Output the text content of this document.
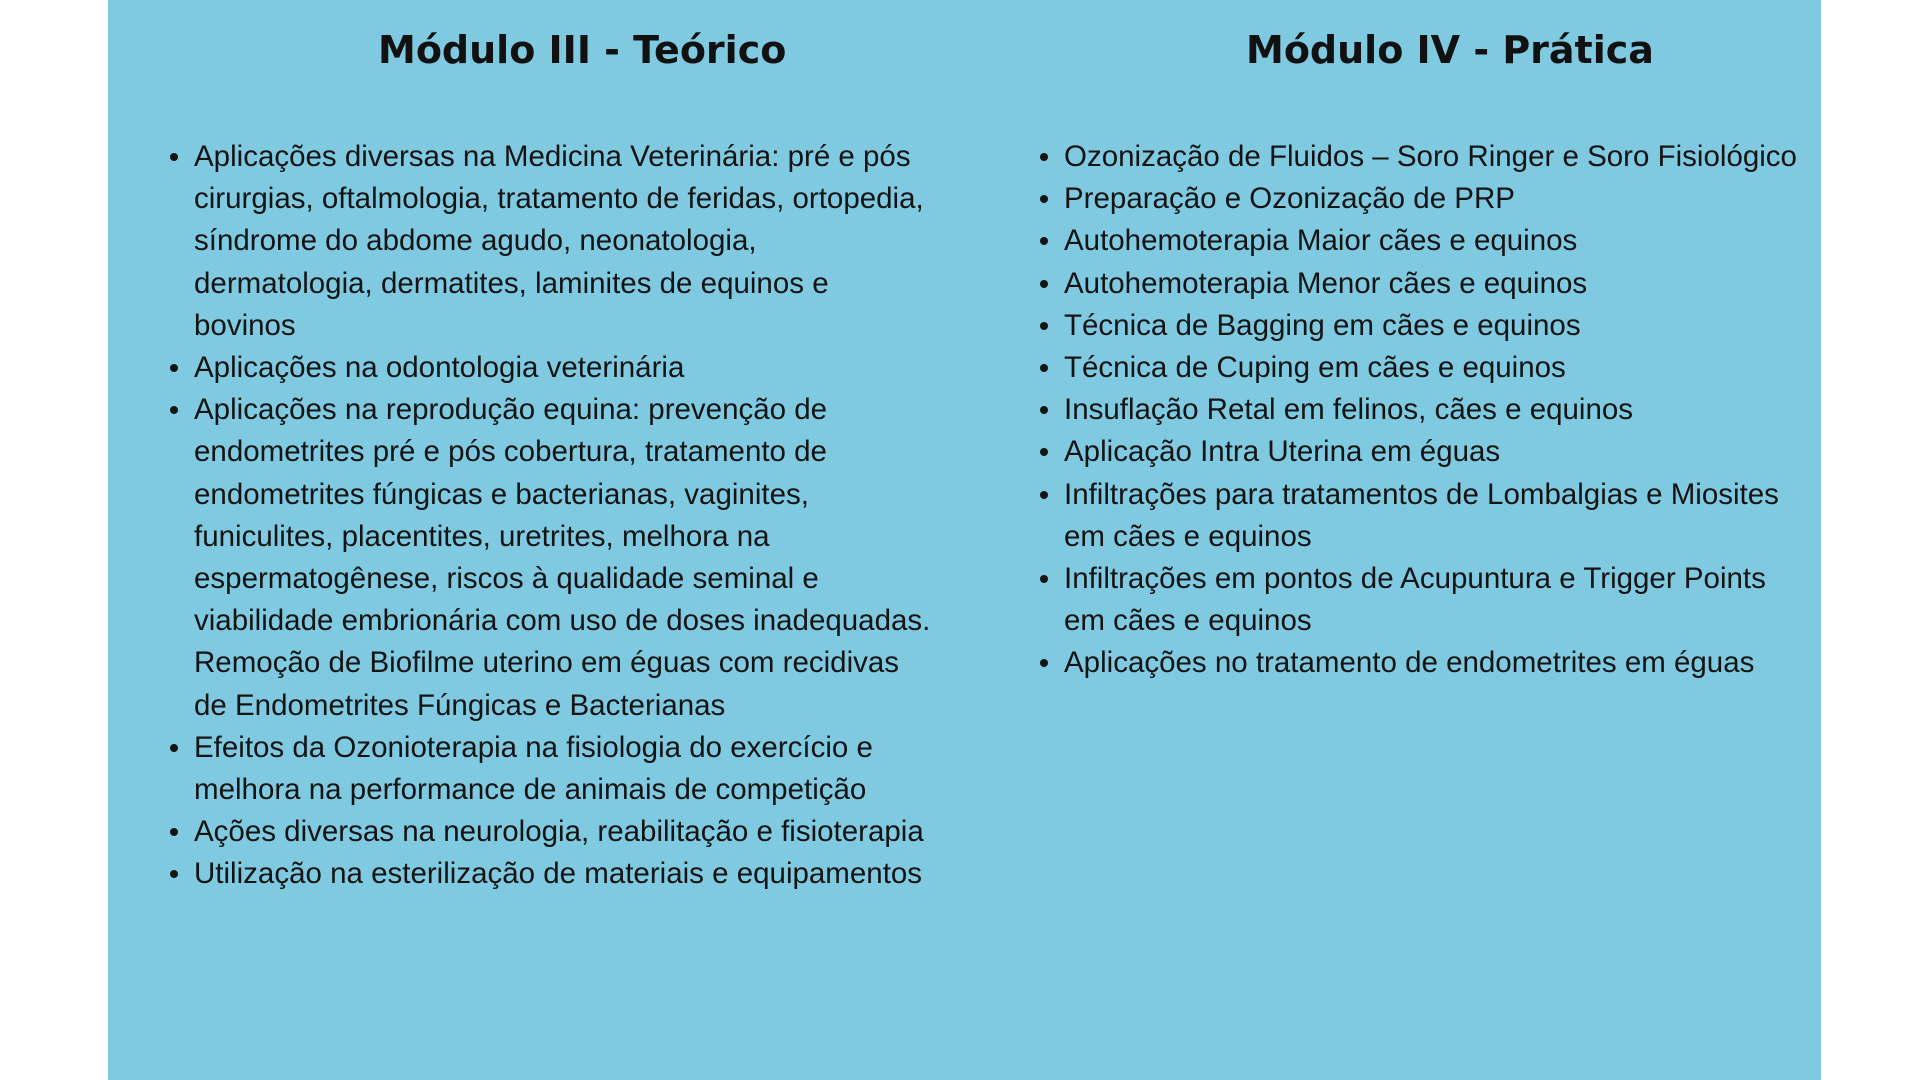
Módulo III - Teórico
Aplicações diversas na Medicina Veterinária: pré e pós cirurgias, oftalmologia, tratamento de feridas, ortopedia, síndrome do abdome agudo, neonatologia, dermatologia, dermatites, laminites de equinos e bovinos
Aplicações na odontologia veterinária
Aplicações na reprodução equina: prevenção de endometrites pré e pós cobertura, tratamento de endometrites fúngicas e bacterianas, vaginites, funiculites, placentites, uretrites, melhora na espermatogênese, riscos à qualidade seminal e viabilidade embrionária com uso de doses inadequadas. Remoção de Biofilme uterino em éguas com recidivas de Endometrites Fúngicas e Bacterianas
Efeitos da Ozonioterapia na fisiologia do exercício e melhora na performance de animais de competição
Ações diversas na neurologia, reabilitação e fisioterapia
Utilização na esterilização de materiais e equipamentos
Módulo IV - Prática
Ozonização de Fluidos – Soro Ringer e Soro Fisiológico
Preparação e Ozonização de PRP
Autohemoterapia Maior cães e equinos
Autohemoterapia Menor cães e equinos
Técnica de Bagging em cães e equinos
Técnica de Cuping em cães e equinos
Insuflação Retal em felinos, cães e equinos
Aplicação Intra Uterina em éguas
Infiltrações para tratamentos de Lombalgias e Miosites em cães e equinos
Infiltrações em pontos de Acupuntura e Trigger Points em cães e equinos
Aplicações no tratamento de endometrites em éguas
